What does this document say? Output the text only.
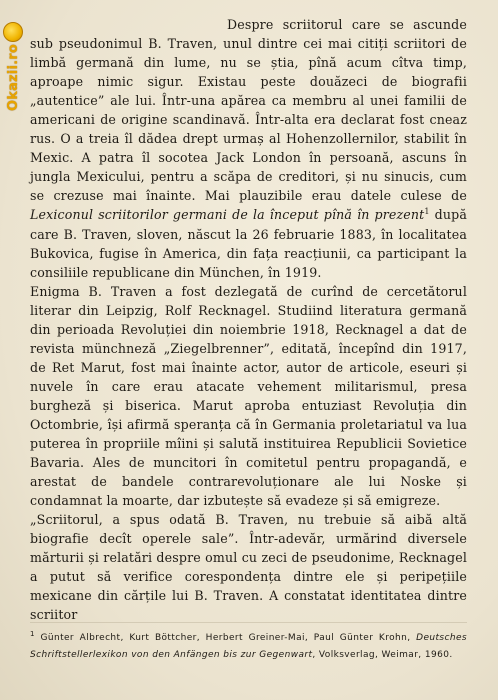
Okazii.ro

Despre scriitorul care se ascunde sub pseudonimul B. Traven, unul dintre cei mai citiți scriitori de limbă germană din lume, nu se știa, pînă acum cîtva timp, aproape nimic sigur. Existau peste douăzeci de biografii „autentice” ale lui. Într-una apărea ca membru al unei familii de americani de origine scandinavă. Într-alta era declarat fost cneaz rus. O a treia îl dădea drept urmaș al Hohenzollernilor, stabilit în Mexic. A patra îl socotea Jack London în persoană, ascuns în jungla Mexicului, pentru a scăpa de creditori, și nu sinucis, cum se crezuse mai înainte. Mai plauzibile erau datele culese de Lexiconul scriitorilor germani de la început pînă în prezent$^1$ după care B. Traven, sloven, născut la 26 februarie 1883, în localitatea Bukovica, fugise în America, din fața reacțiunii, ca participant la consiliile republicane din München, în 1919.

Enigma B. Traven a fost dezlegată de curînd de cercetătorul literar din Leipzig, Rolf Recknagel. Studiind literatura germană din perioada Revoluției din noiembrie 1918, Recknagel a dat de revista münchneză „Ziegelbrenner”, editată, începînd din 1917, de Ret Marut, fost mai înainte actor, autor de articole, eseuri și nuvele în care erau atacate vehement militarismul, presa burgheză și biserica. Marut aproba entuziast Revoluția din Octombrie, își afirmă speranța că în Germania proletariatul va lua puterea în propriile mîini și salută instituirea Republicii Sovietice Bavaria. Ales de muncitori în comitetul pentru propagandă, e arestat de bandele contrarevoluționare ale lui Noske și condamnat la moarte, dar izbutește să evadeze și să emigreze.

„Scriitorul, a spus odată B. Traven, nu trebuie să aibă altă biografie decît operele sale”. Într-adevăr, urmărind diversele mărturii și relatări despre omul cu zeci de pseudonime, Recknagel a putut să verifice corespondența dintre ele și peripețiile mexicane din cărțile lui B. Traven. A constatat identitatea dintre scriitor

$^1$ Günter Albrecht, Kurt Böttcher, Herbert Greiner-Mai, Paul Günter Krohn, Deutsches Schriftstellerlexikon von den Anfängen bis zur Gegenwart, Volksverlag, Weimar, 1960.
